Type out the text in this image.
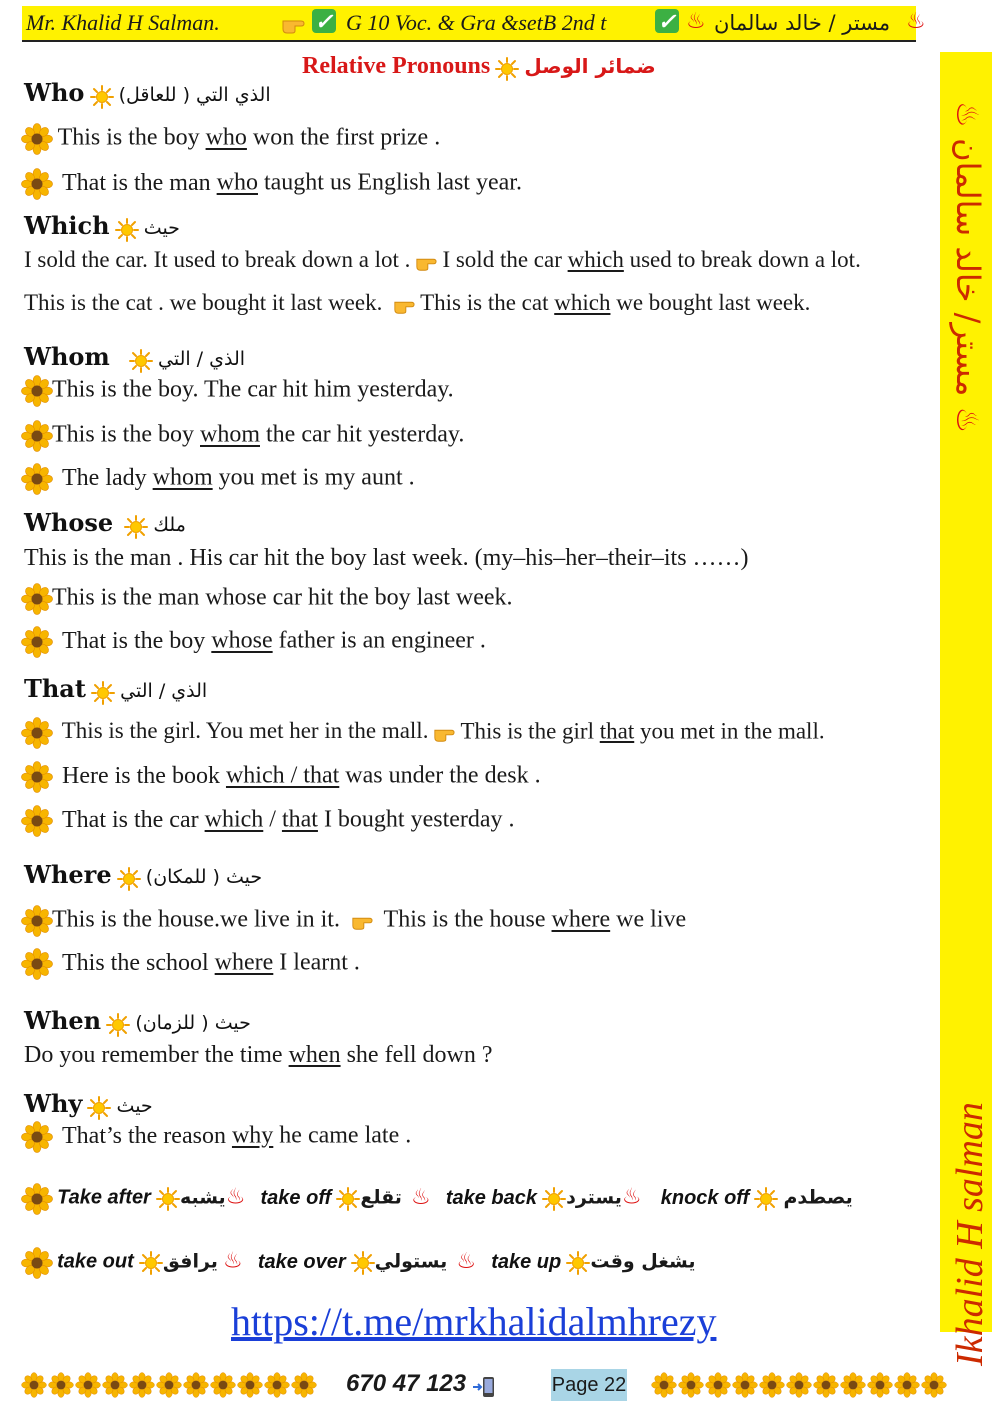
Mr. Khalid H Salman.	✓ G 10 Voc. & Gra &setB 2nd t ✓ ♨ مستر / خالد سالمان ♨
♨ مستر/ خالد سالمان ♨
Ikhalid H salman
Relative Pronouns ضمائر الوصل
Who الذي التي ( للعاقل)
This is the boy who won the first prize .
That is the man who taught us English last year.
Which حيث
I sold the car. It used to break down a lot . I sold the car which used to break down a lot.
This is the cat . we bought it last week. This is the cat which we bought last week.
Whom	الذي / التي
This is the boy. The car hit him yesterday.
This is the boy whom the car hit yesterday.
The lady whom you met is my aunt .
Whose ملك
This is the man . His car hit the boy last week. (my–his–her–their–its ……)
This is the man whose car hit the boy last week.
That is the boy whose father is an engineer .
That الذي / التي
This is the girl. You met her in the mall. This is the girl that you met in the mall.
Here is the book which / that was under the desk .
That is the car which / that I bought yesterday .
Where حيث ( للمكان)
This is the house.we live in it.  This is the house where we live
This the school where I learnt .
When حيث ( للزمان)
Do you remember the time when she fell down ?
Why حيث
That’s the reason why he came late .
Take after يشبه♨ take off تقلع ♨ take back يسترد♨ knock off يصطدم
take out يرافق ♨ take over يستولي ♨ take up يشغل وقت
https://t.me/mrkhalidalmhrezy
670 47 123	Page 22
